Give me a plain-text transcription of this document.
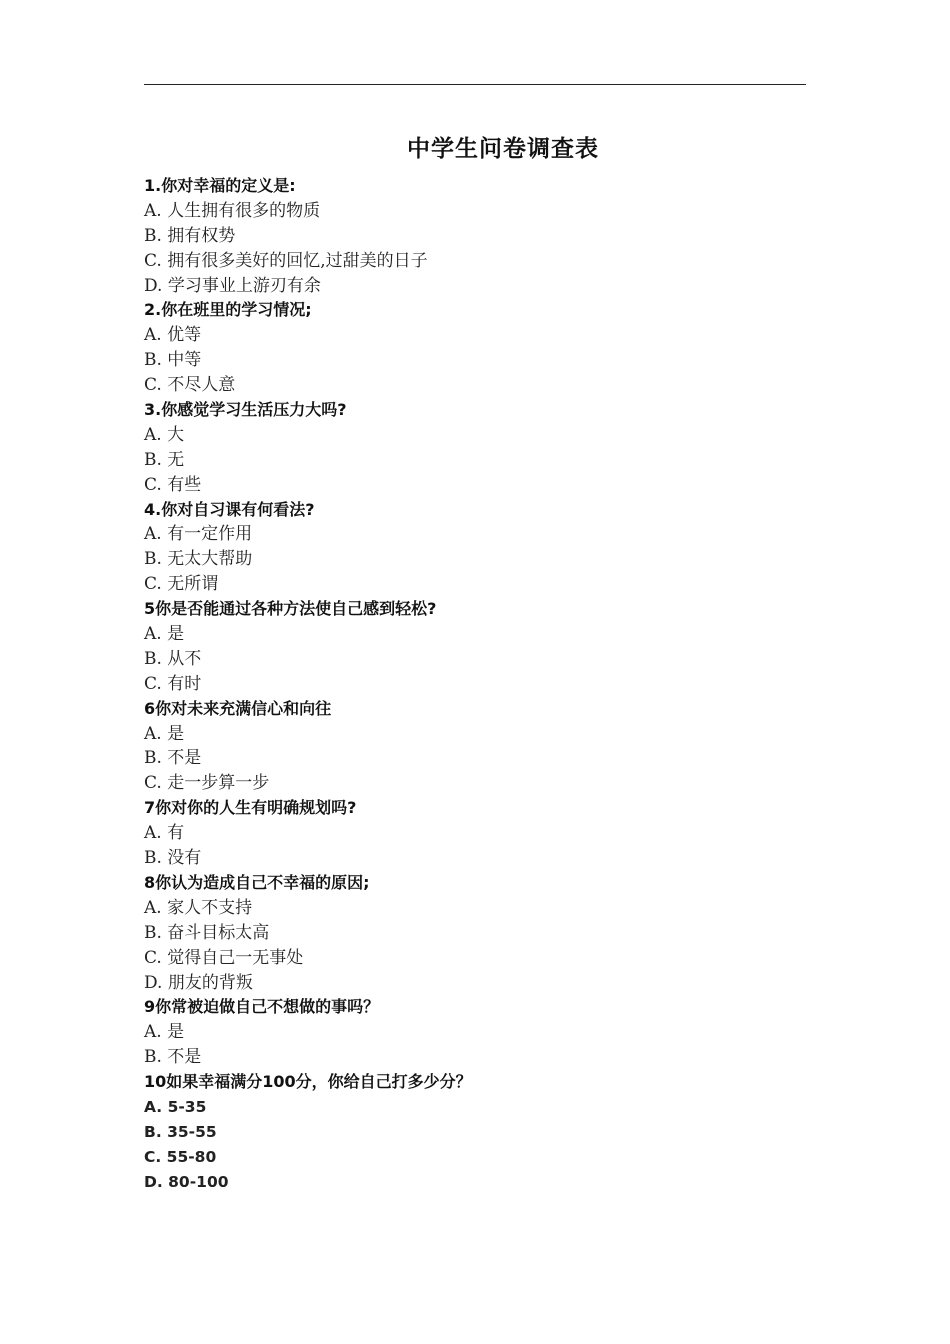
中学生问卷调查表
1.你对幸福的定义是:
A. 人生拥有很多的物质
B. 拥有权势
C. 拥有很多美好的回忆,过甜美的日子
D. 学习事业上游刃有余
2.你在班里的学习情况;
A. 优等
B. 中等
C. 不尽人意
3.你感觉学习生活压力大吗?
A. 大
B. 无
C. 有些
4.你对自习课有何看法?
A. 有一定作用
B. 无太大帮助
C. 无所谓
5你是否能通过各种方法使自己感到轻松?
A. 是
B. 从不
C. 有时
6你对未来充满信心和向往
A. 是
B. 不是
C. 走一步算一步
7你对你的人生有明确规划吗?
A. 有
B. 没有
8你认为造成自己不幸福的原因;
A. 家人不支持
B. 奋斗目标太高
C. 觉得自己一无事处
D. 朋友的背叛
9你常被迫做自己不想做的事吗？
A. 是
B. 不是
10如果幸福满分100分，你给自己打多少分？
A. 5-35
B. 35-55
C. 55-80
D. 80-100
